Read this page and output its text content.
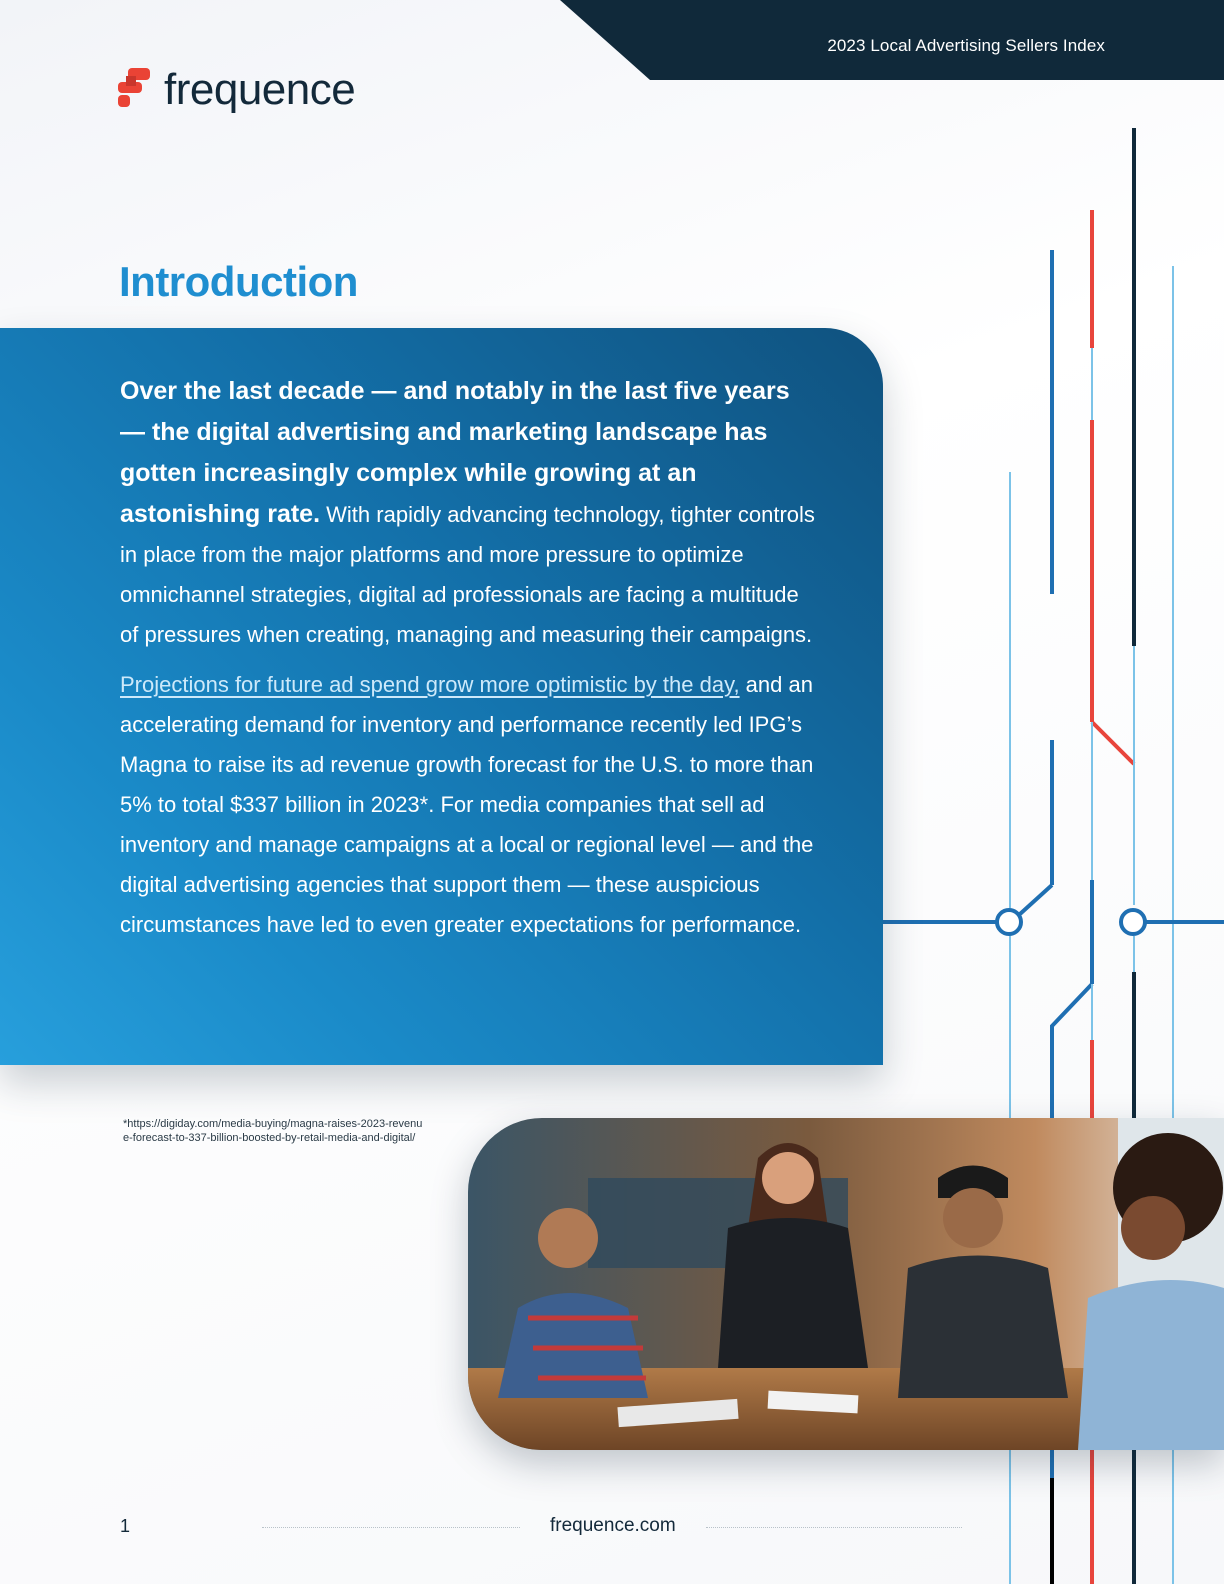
2023 Local Advertising Sellers Index
frequence
Introduction

Over the last decade — and notably in the last five years — the digital advertising and marketing landscape has gotten increasingly complex while growing at an astonishing rate. With rapidly advancing technology, tighter controls in place from the major platforms and more pressure to optimize omnichannel strategies, digital ad professionals are facing a multitude of pressures when creating, managing and measuring their campaigns.

Projections for future ad spend grow more optimistic by the day, and an accelerating demand for inventory and performance recently led IPG’s Magna to raise its ad revenue growth forecast for the U.S. to more than 5% to total $337 billion in 2023*. For media companies that sell ad inventory and manage campaigns at a local or regional level — and the digital advertising agencies that support them — these auspicious circumstances have led to even greater expectations for performance.

*https://digiday.com/media-buying/magna-raises-2023-revenue-forecast-to-337-billion-boosted-by-retail-media-and-digital/
1	frequence.com
